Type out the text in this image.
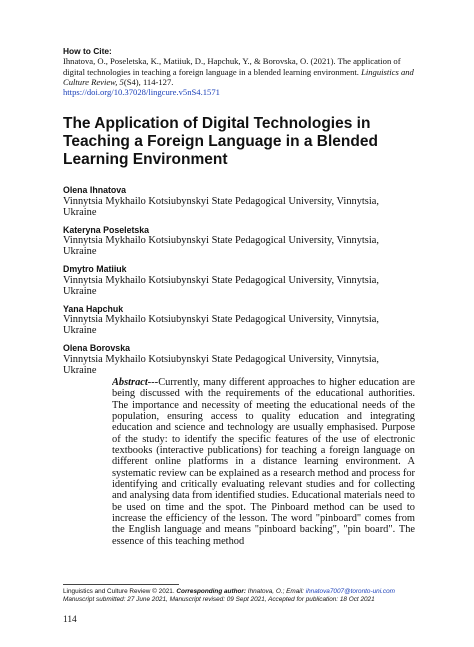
How to Cite:
Ihnatova, O., Poseletska, K., Matiiuk, D., Hapchuk, Y., & Borovska, O. (2021). The application of digital technologies in teaching a foreign language in a blended learning environment. Linguistics and Culture Review, 5(S4), 114-127.
https://doi.org/10.37028/lingcure.v5nS4.1571
The Application of Digital Technologies in Teaching a Foreign Language in a Blended Learning Environment
Olena Ihnatova
Vinnytsia Mykhailo Kotsiubynskyi State Pedagogical University, Vinnytsia, Ukraine
Kateryna Poseletska
Vinnytsia Mykhailo Kotsiubynskyi State Pedagogical University, Vinnytsia, Ukraine
Dmytro Matiiuk
Vinnytsia Mykhailo Kotsiubynskyi State Pedagogical University, Vinnytsia, Ukraine
Yana Hapchuk
Vinnytsia Mykhailo Kotsiubynskyi State Pedagogical University, Vinnytsia, Ukraine
Olena Borovska
Vinnytsia Mykhailo Kotsiubynskyi State Pedagogical University, Vinnytsia, Ukraine

Abstract---Currently, many different approaches to higher education are being discussed with the requirements of the educational authorities. The importance and necessity of meeting the educational needs of the population, ensuring access to quality education and integrating education and science and technology are usually emphasised. Purpose of the study: to identify the specific features of the use of electronic textbooks (interactive publications) for teaching a foreign language on different online platforms in a distance learning environment. A systematic review can be explained as a research method and process for identifying and critically evaluating relevant studies and for collecting and analysing data from identified studies. Educational materials need to be used on time and the spot. The Pinboard method can be used to increase the efficiency of the lesson. The word "pinboard" comes from the English language and means "pinboard backing", "pin board". The essence of this teaching method

Linguistics and Culture Review © 2021. Corresponding author: Ihnatova, O.; Email: ihnatova7007@toronto-uni.com Manuscript submitted: 27 June 2021, Manuscript revised: 09 Sept 2021, Accepted for publication: 18 Oct 2021
114
